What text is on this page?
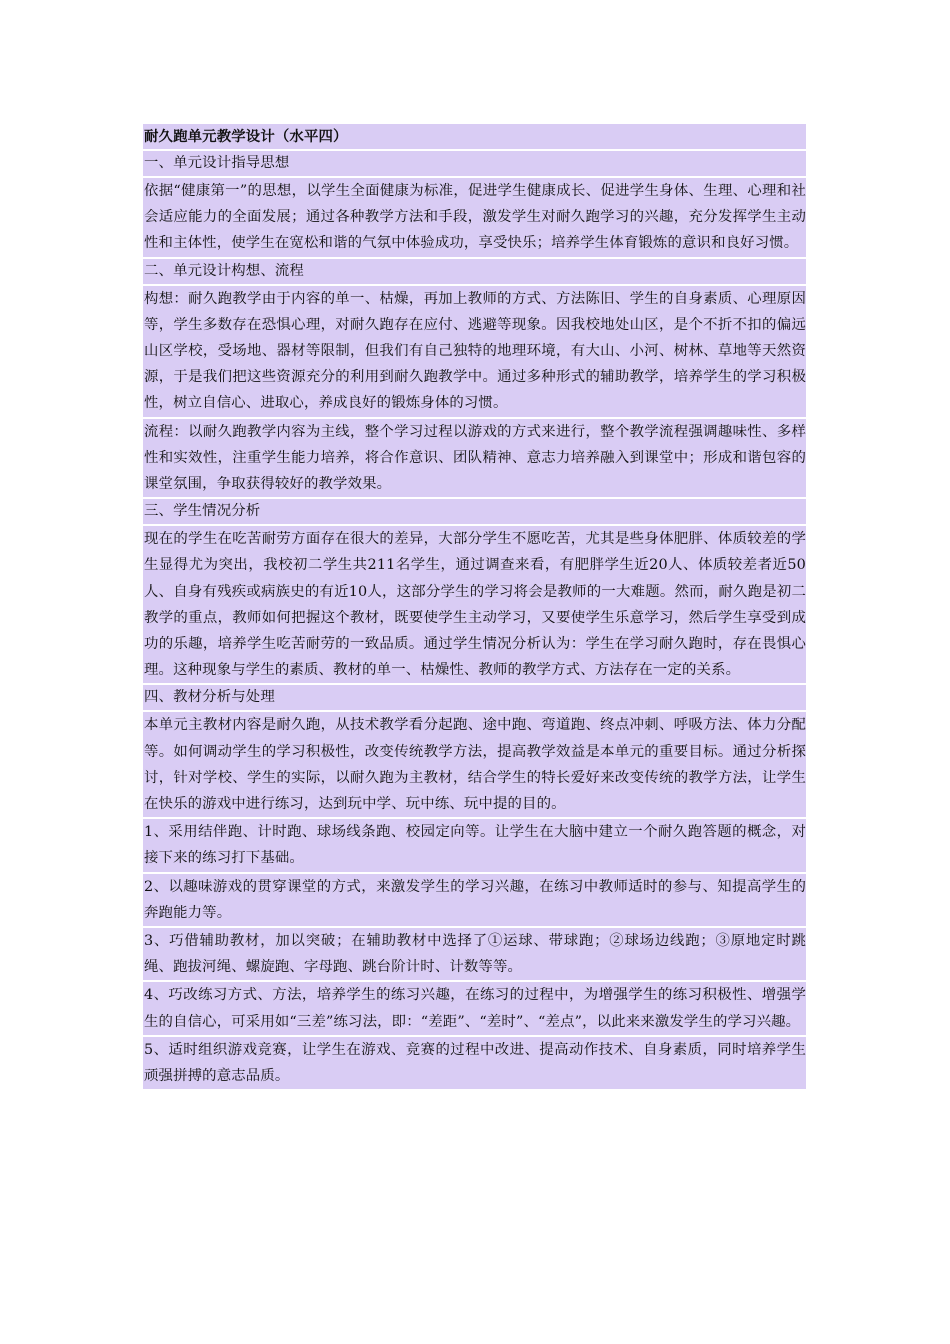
耐久跑单元教学设计（水平四）
一、单元设计指导思想
依据“健康第一”的思想，以学生全面健康为标准，促进学生健康成长、促进学生身体、生理、心理和社会适应能力的全面发展；通过各种教学方法和手段，激发学生对耐久跑学习的兴趣，充分发挥学生主动性和主体性，使学生在宽松和谐的气氛中体验成功，享受快乐；培养学生体育锻炼的意识和良好习惯。
二、单元设计构想、流程
构想：耐久跑教学由于内容的单一、枯燥，再加上教师的方式、方法陈旧、学生的自身素质、心理原因等，学生多数存在恐惧心理，对耐久跑存在应付、逃避等现象。因我校地处山区，是个不折不扣的偏远山区学校，受场地、器材等限制，但我们有自己独特的地理环境，有大山、小河、树林、草地等天然资源，于是我们把这些资源充分的利用到耐久跑教学中。通过多种形式的辅助教学，培养学生的学习积极性，树立自信心、进取心，养成良好的锻炼身体的习惯。
流程：以耐久跑教学内容为主线，整个学习过程以游戏的方式来进行，整个教学流程强调趣味性、多样性和实效性，注重学生能力培养，将合作意识、团队精神、意志力培养融入到课堂中；形成和谐包容的课堂氛围，争取获得较好的教学效果。
三、学生情况分析
现在的学生在吃苦耐劳方面存在很大的差异，大部分学生不愿吃苦，尤其是些身体肥胖、体质较差的学生显得尤为突出，我校初二学生共211名学生，通过调查来看，有肥胖学生近20人、体质较差者近50人、自身有残疾或病族史的有近10人，这部分学生的学习将会是教师的一大难题。然而，耐久跑是初二教学的重点，教师如何把握这个教材，既要使学生主动学习，又要使学生乐意学习，然后学生享受到成功的乐趣，培养学生吃苦耐劳的一致品质。通过学生情况分析认为：学生在学习耐久跑时，存在畏惧心理。这种现象与学生的素质、教材的单一、枯燥性、教师的教学方式、方法存在一定的关系。
四、教材分析与处理
本单元主教材内容是耐久跑，从技术教学看分起跑、途中跑、弯道跑、终点冲刺、呼吸方法、体力分配等。如何调动学生的学习积极性，改变传统教学方法，提高教学效益是本单元的重要目标。通过分析探讨，针对学校、学生的实际，以耐久跑为主教材，结合学生的特长爱好来改变传统的教学方法，让学生在快乐的游戏中进行练习，达到玩中学、玩中练、玩中提的目的。
1、采用结伴跑、计时跑、球场线条跑、校园定向等。让学生在大脑中建立一个耐久跑答题的概念，对接下来的练习打下基础。
2、以趣味游戏的贯穿课堂的方式，来激发学生的学习兴趣，在练习中教师适时的参与、知提高学生的奔跑能力等。
3、巧借辅助教材，加以突破；在辅助教材中选择了①运球、带球跑；②球场边线跑；③原地定时跳绳、跑拔河绳、螺旋跑、字母跑、跳台阶计时、计数等等。
4、巧改练习方式、方法，培养学生的练习兴趣，在练习的过程中，为增强学生的练习积极性、增强学生的自信心，可采用如“三差”练习法，即：“差距”、“差时”、“差点”，以此来来激发学生的学习兴趣。
5、适时组织游戏竞赛，让学生在游戏、竞赛的过程中改进、提高动作技术、自身素质，同时培养学生顽强拼搏的意志品质。
